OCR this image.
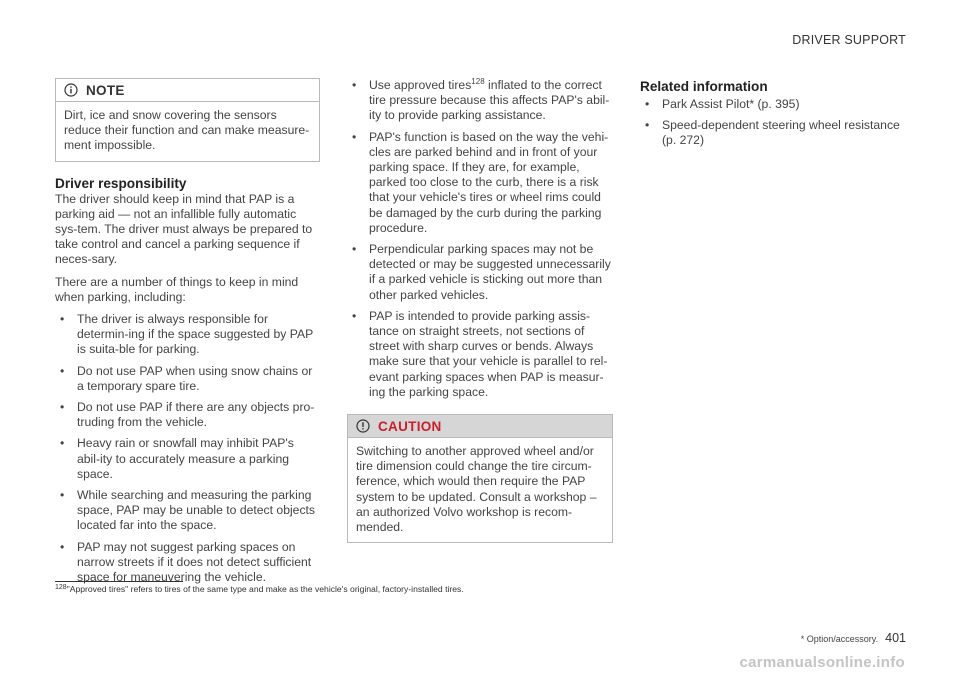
DRIVER SUPPORT
NOTE

Dirt, ice and snow covering the sensors reduce their function and can make measure-ment impossible.

Driver responsibility

The driver should keep in mind that PAP is a parking aid — not an infallible fully automatic sys-tem. The driver must always be prepared to take control and cancel a parking sequence if neces-sary.

There are a number of things to keep in mind when parking, including:

• The driver is always responsible for determin-ing if the space suggested by PAP is suita-ble for parking.
• Do not use PAP when using snow chains or a temporary spare tire.
• Do not use PAP if there are any objects pro-truding from the vehicle.
• Heavy rain or snowfall may inhibit PAP's abil-ity to accurately measure a parking space.
• While searching and measuring the parking space, PAP may be unable to detect objects located far into the space.
• PAP may not suggest parking spaces on narrow streets if it does not detect sufficient space for maneuvering the vehicle.
• Use approved tires$^{128}$ inflated to the correct tire pressure because this affects PAP's abil-ity to provide parking assistance.
• PAP's function is based on the way the vehi-cles are parked behind and in front of your parking space. If they are, for example, parked too close to the curb, there is a risk that your vehicle's tires or wheel rims could be damaged by the curb during the parking procedure.
• Perpendicular parking spaces may not be detected or may be suggested unnecessarily if a parked vehicle is sticking out more than other parked vehicles.
• PAP is intended to provide parking assis-tance on straight streets, not sections of street with sharp curves or bends. Always make sure that your vehicle is parallel to rel-evant parking spaces when PAP is measur-ing the parking space.
CAUTION

Switching to another approved wheel and/or tire dimension could change the tire circum-ference, which would then require the PAP system to be updated. Consult a workshop – an authorized Volvo workshop is recom-mended.

Related information
• Park Assist Pilot* (p. 395)
• Speed-dependent steering wheel resistance (p. 272)
$^{128}$"Approved tires" refers to tires of the same type and make as the vehicle's original, factory-installed tires.
* Option/accessory. 401
carmanualsonline.info
